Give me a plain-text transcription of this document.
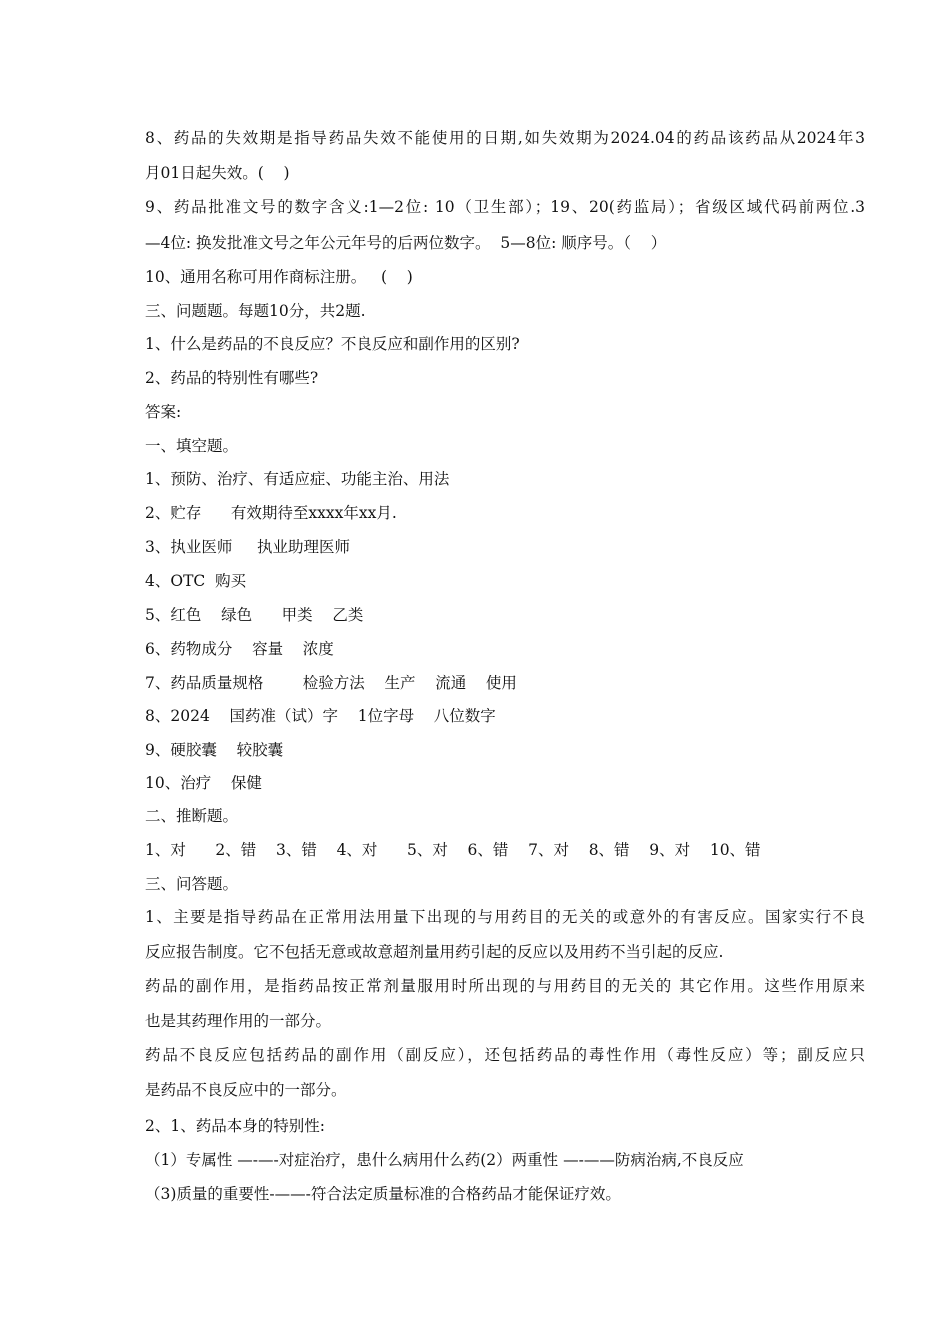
8、药品的失效期是指导药品失效不能使用的日期,如失效期为2024.04的药品该药品从2024年3
月01日起失效。(    )
9、药品批准文号的数字含义:1—2位: 10（卫生部）；19、20(药监局）；省级区域代码前两位.3
—4位: 换发批准文号之年公元年号的后两位数字。  5—8位: 顺序号。（    ）
10、通用名称可用作商标注册。   (    )
三、问题题。每题10分，共2题.
1、什么是药品的不良反应？不良反应和副作用的区别?
2、药品的特别性有哪些?
答案:
一、填空题。
1、预防、治疗、有适应症、功能主治、用法
2、贮存      有效期待至xxxx年xx月.
3、执业医师     执业助理医师
4、OTC  购买
5、红色    绿色      甲类    乙类
6、药物成分    容量    浓度
7、药品质量规格        检验方法    生产    流通    使用
8、2024    国药准（试）字    1位字母    八位数字
9、硬胶囊    较胶囊
10、治疗    保健
二、推断题。
1、对      2、错    3、错    4、对      5、对    6、错    7、对    8、错    9、对    10、错
三、问答题。
1、主要是指导药品在正常用法用量下出现的与用药目的无关的或意外的有害反应。国家实行不良
反应报告制度。它不包括无意或故意超剂量用药引起的反应以及用药不当引起的反应.
药品的副作用，是指药品按正常剂量服用时所出现的与用药目的无关的 其它作用。这些作用原来
也是其药理作用的一部分。
药品不良反应包括药品的副作用（副反应），还包括药品的毒性作用（毒性反应）等；副反应只
是药品不良反应中的一部分。
2、1、药品本身的特别性:
（1）专属性 —-—-对症治疗，患什么病用什么药(2）两重性 —-——防病治病,不良反应
（3)质量的重要性-——-符合法定质量标准的合格药品才能保证疗效。
